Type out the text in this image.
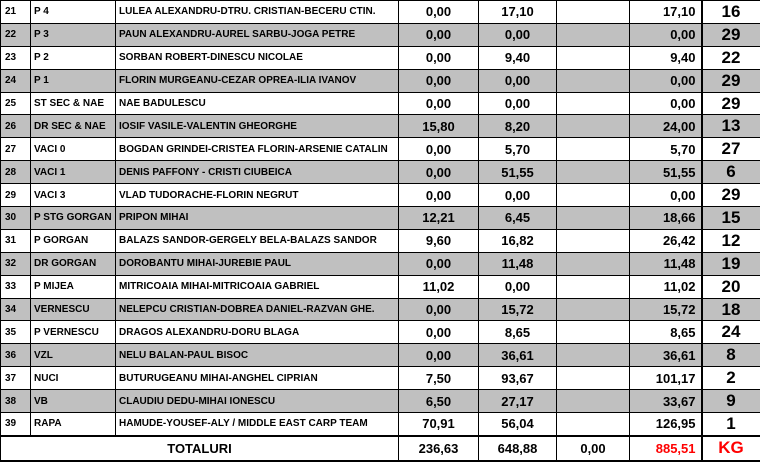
21	P 4	LULEA ALEXANDRU-DTRU. CRISTIAN-BECERU CTIN.	0,00	17,10		17,10	16
22	P 3	PAUN ALEXANDRU-AUREL SARBU-JOGA PETRE	0,00	0,00		0,00	29
23	P 2	SORBAN ROBERT-DINESCU NICOLAE	0,00	9,40		9,40	22
24	P 1	FLORIN MURGEANU-CEZAR OPREA-ILIA IVANOV	0,00	0,00		0,00	29
25	ST SEC & NAE	NAE BADULESCU	0,00	0,00		0,00	29
26	DR SEC & NAE	IOSIF VASILE-VALENTIN GHEORGHE	15,80	8,20		24,00	13
27	VACI 0	BOGDAN GRINDEI-CRISTEA FLORIN-ARSENIE CATALIN	0,00	5,70		5,70	27
28	VACI 1	DENIS PAFFONY - CRISTI CIUBEICA	0,00	51,55		51,55	6
29	VACI 3	VLAD TUDORACHE-FLORIN NEGRUT	0,00	0,00		0,00	29
30	P STG GORGAN	PRIPON MIHAI	12,21	6,45		18,66	15
31	P GORGAN	BALAZS SANDOR-GERGELY BELA-BALAZS SANDOR	9,60	16,82		26,42	12
32	DR GORGAN	DOROBANTU MIHAI-JUREBIE PAUL	0,00	11,48		11,48	19
33	P MIJEA	MITRICOAIA MIHAI-MITRICOAIA GABRIEL	11,02	0,00		11,02	20
34	VERNESCU	NELEPCU CRISTIAN-DOBREA DANIEL-RAZVAN GHE.	0,00	15,72		15,72	18
35	P VERNESCU	DRAGOS ALEXANDRU-DORU BLAGA	0,00	8,65		8,65	24
36	VZL	NELU BALAN-PAUL BISOC	0,00	36,61		36,61	8
37	NUCI	BUTURUGEANU MIHAI-ANGHEL CIPRIAN	7,50	93,67		101,17	2
38	VB	CLAUDIU DEDU-MIHAI IONESCU	6,50	27,17		33,67	9
39	RAPA	HAMUDE-YOUSEF-ALY / MIDDLE EAST CARP TEAM	70,91	56,04		126,95	1
TOTALURI			236,63	648,88	0,00	885,51	KG
